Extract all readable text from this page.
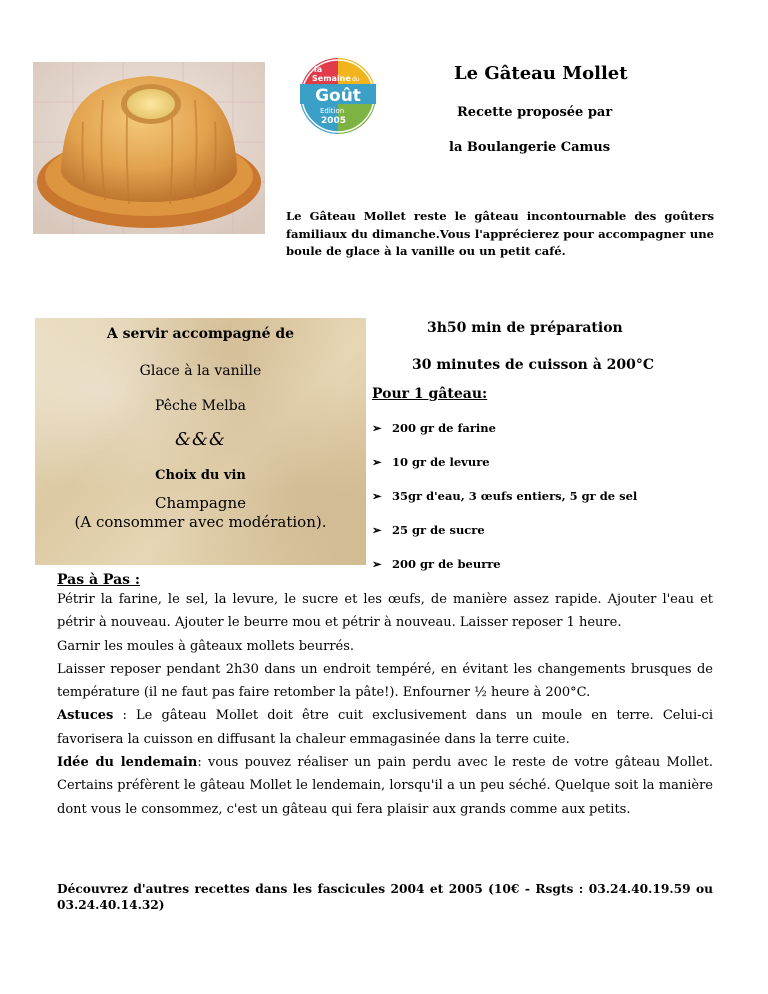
la
Semaine du
Goût
Edition
2005
Le Gâteau Mollet
Recette proposée par
la Boulangerie Camus
Le Gâteau Mollet reste le gâteau incontournable des goûters familiaux du dimanche.Vous l'apprécierez pour accompagner une boule de glace à la vanille ou un petit café.
A servir accompagné de
Glace à la vanille
Pêche Melba
&&&
Choix du vin
Champagne
(A consommer avec modération).
3h50 min de préparation
30 minutes de cuisson à 200°C
Pour 1 gâteau:
➢ 200 gr de farine
➢ 10 gr de levure
➢ 35gr d'eau, 3 œufs entiers, 5 gr de sel
➢ 25 gr de sucre
➢ 200 gr de beurre
Pas à Pas :

Pétrir la farine, le sel, la levure, le sucre et les œufs, de manière assez rapide. Ajouter l'eau et pétrir à nouveau. Ajouter le beurre mou et pétrir à nouveau. Laisser reposer 1 heure.

Garnir les moules à gâteaux mollets beurrés.

Laisser reposer pendant 2h30 dans un endroit tempéré, en évitant les changements brusques de température (il ne faut pas faire retomber la pâte!). Enfourner ½ heure à 200°C.

Astuces : Le gâteau Mollet doit être cuit exclusivement dans un moule en terre. Celui-ci favorisera la cuisson en diffusant la chaleur emmagasinée dans la terre cuite.

Idée du lendemain: vous pouvez réaliser un pain perdu avec le reste de votre gâteau Mollet. Certains préfèrent le gâteau Mollet le lendemain, lorsqu'il a un peu séché. Quelque soit la manière dont vous le consommez, c'est un gâteau qui fera plaisir aux grands comme aux petits.

Découvrez d'autres recettes dans les fascicules 2004 et 2005 (10€ - Rsgts : 03.24.40.19.59 ou 03.24.40.14.32)
